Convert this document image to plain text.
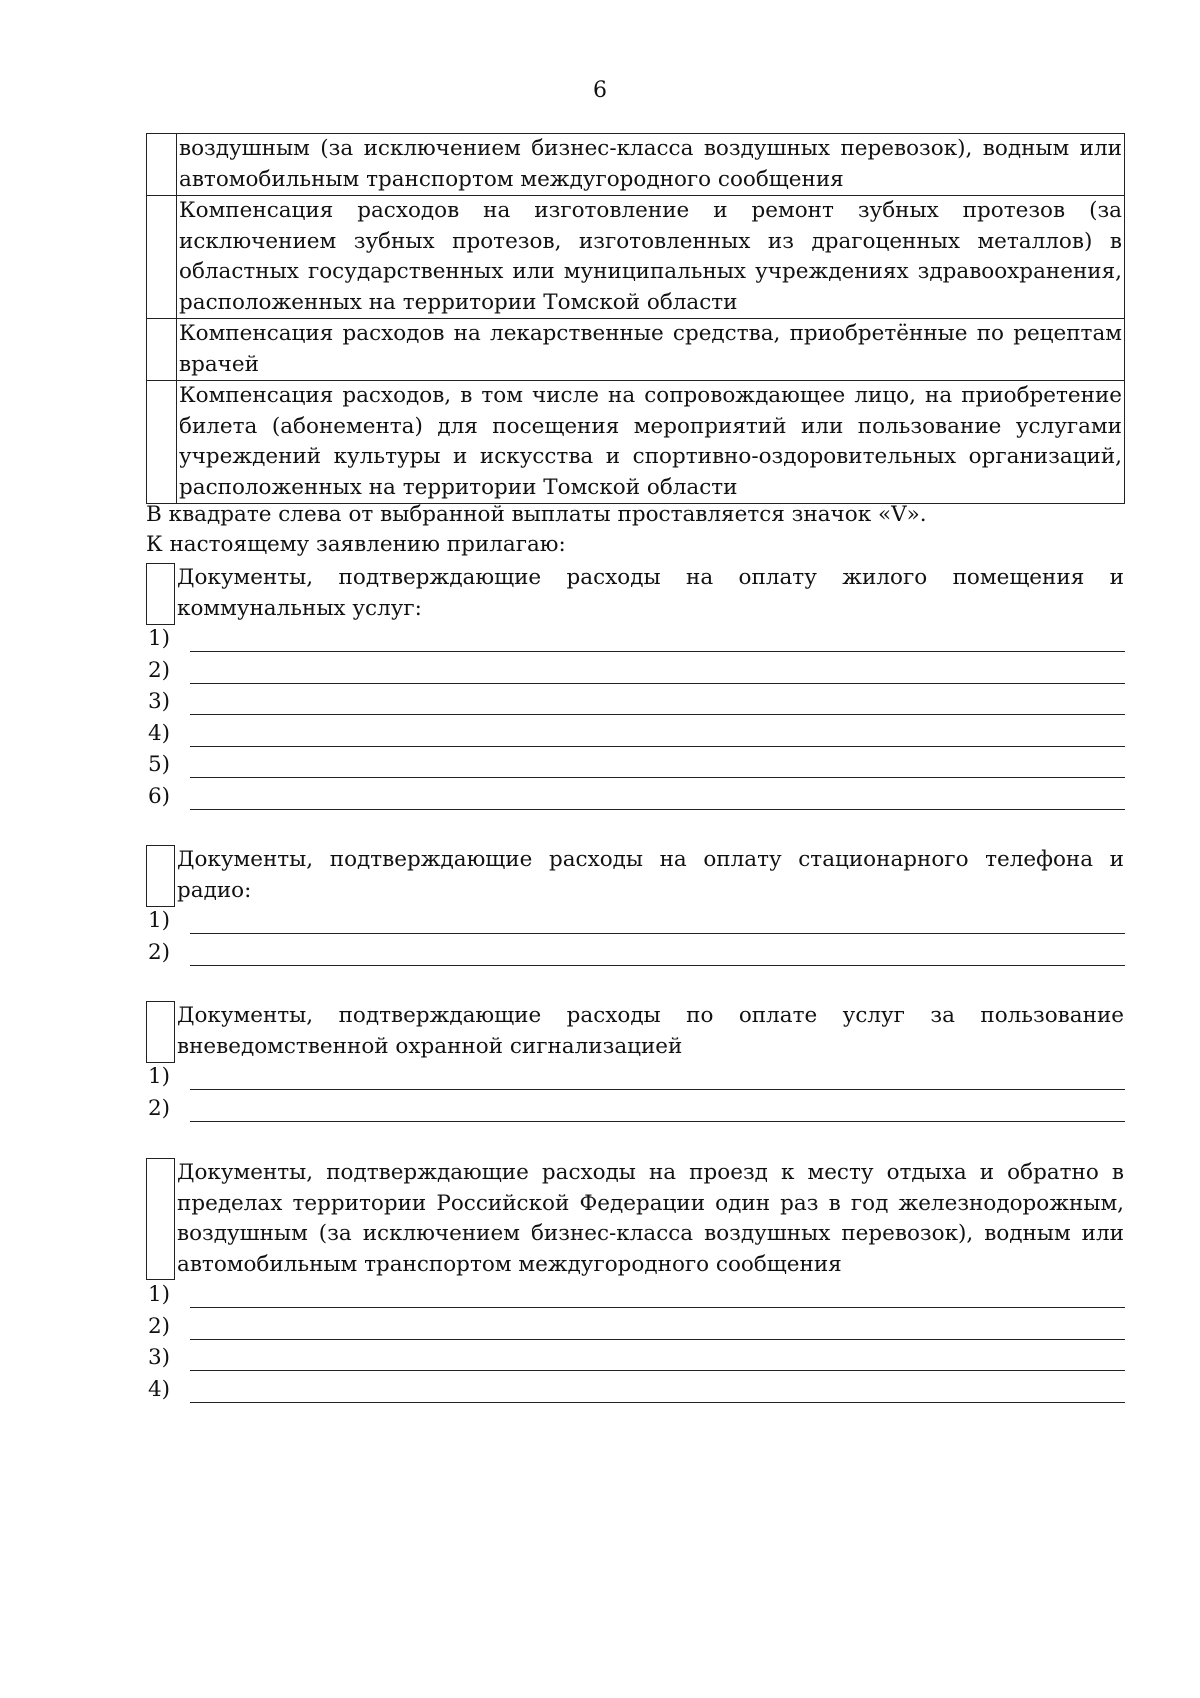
6
	воздушным (за исключением бизнес-класса воздушных перевозок), водным или автомобильным транспортом междугородного сообщения
	Компенсация расходов на изготовление и ремонт зубных протезов (за исключением зубных протезов, изготовленных из драгоценных металлов) в областных государственных или муниципальных учреждениях здравоохранения, расположенных на территории Томской области
	Компенсация расходов на лекарственные средства, приобретённые по рецептам врачей
	Компенсация расходов, в том числе на сопровождающее лицо, на приобретение билета (абонемента) для посещения мероприятий или пользование услугами учреждений культуры и искусства и спортивно-оздоровительных организаций, расположенных на территории Томской области
В квадрате слева от выбранной выплаты проставляется значок «V».
К настоящему заявлению прилагаю:
Документы, подтверждающие расходы на оплату жилого помещения и коммунальных услуг:
1)
2)
3)
4)
5)
6)
Документы, подтверждающие расходы на оплату стационарного телефона и радио:
1)
2)
Документы, подтверждающие расходы по оплате услуг за пользование вневедомственной охранной сигнализацией
1)
2)
Документы, подтверждающие расходы на проезд к месту отдыха и обратно в пределах территории Российской Федерации один раз в год железнодорожным, воздушным (за исключением бизнес-класса воздушных перевозок), водным или автомобильным транспортом междугородного сообщения
1)
2)
3)
4)
